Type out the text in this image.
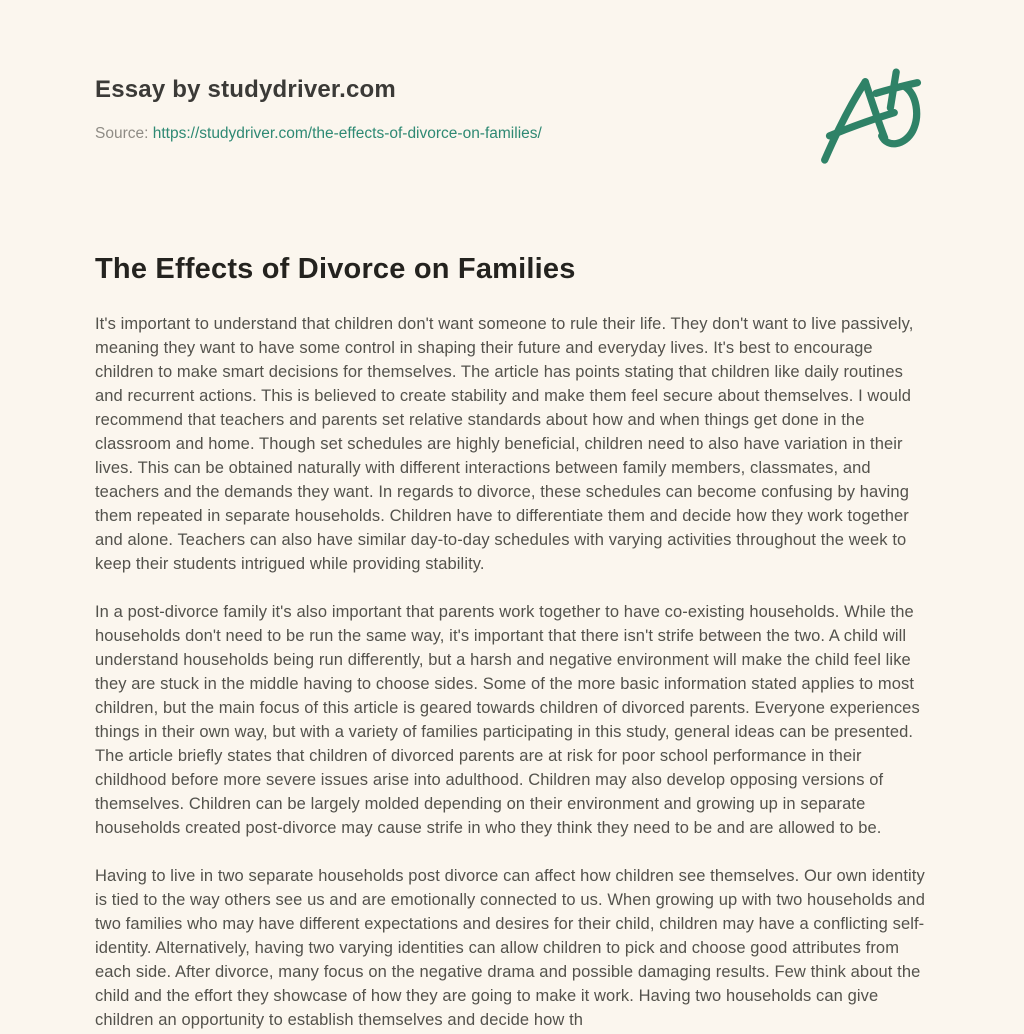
Essay by studydriver.com
Source: https://studydriver.com/the-effects-of-divorce-on-families/
The Effects of Divorce on Families

It's important to understand that children don't want someone to rule their life. They don't want to live passively, meaning they want to have some control in shaping their future and everyday lives. It's best to encourage children to make smart decisions for themselves. The article has points stating that children like daily routines and recurrent actions. This is believed to create stability and make them feel secure about themselves. I would recommend that teachers and parents set relative standards about how and when things get done in the classroom and home. Though set schedules are highly beneficial, children need to also have variation in their lives. This can be obtained naturally with different interactions between family members, classmates, and teachers and the demands they want. In regards to divorce, these schedules can become confusing by having them repeated in separate households. Children have to differentiate them and decide how they work together and alone. Teachers can also have similar day-to-day schedules with varying activities throughout the week to keep their students intrigued while providing stability.

In a post-divorce family it's also important that parents work together to have co-existing households. While the households don't need to be run the same way, it's important that there isn't strife between the two. A child will understand households being run differently, but a harsh and negative environment will make the child feel like they are stuck in the middle having to choose sides. Some of the more basic information stated applies to most children, but the main focus of this article is geared towards children of divorced parents. Everyone experiences things in their own way, but with a variety of families participating in this study, general ideas can be presented. The article briefly states that children of divorced parents are at risk for poor school performance in their childhood before more severe issues arise into adulthood. Children may also develop opposing versions of themselves. Children can be largely molded depending on their environment and growing up in separate households created post-divorce may cause strife in who they think they need to be and are allowed to be.

Having to live in two separate households post divorce can affect how children see themselves. Our own identity is tied to the way others see us and are emotionally connected to us. When growing up with two households and two families who may have different expectations and desires for their child, children may have a conflicting self-identity. Alternatively, having two varying identities can allow children to pick and choose good attributes from each side. After divorce, many focus on the negative drama and possible damaging results. Few think about the child and the effort they showcase of how they are going to make it work. Having two households can give children an opportunity to establish themselves and decide how th
